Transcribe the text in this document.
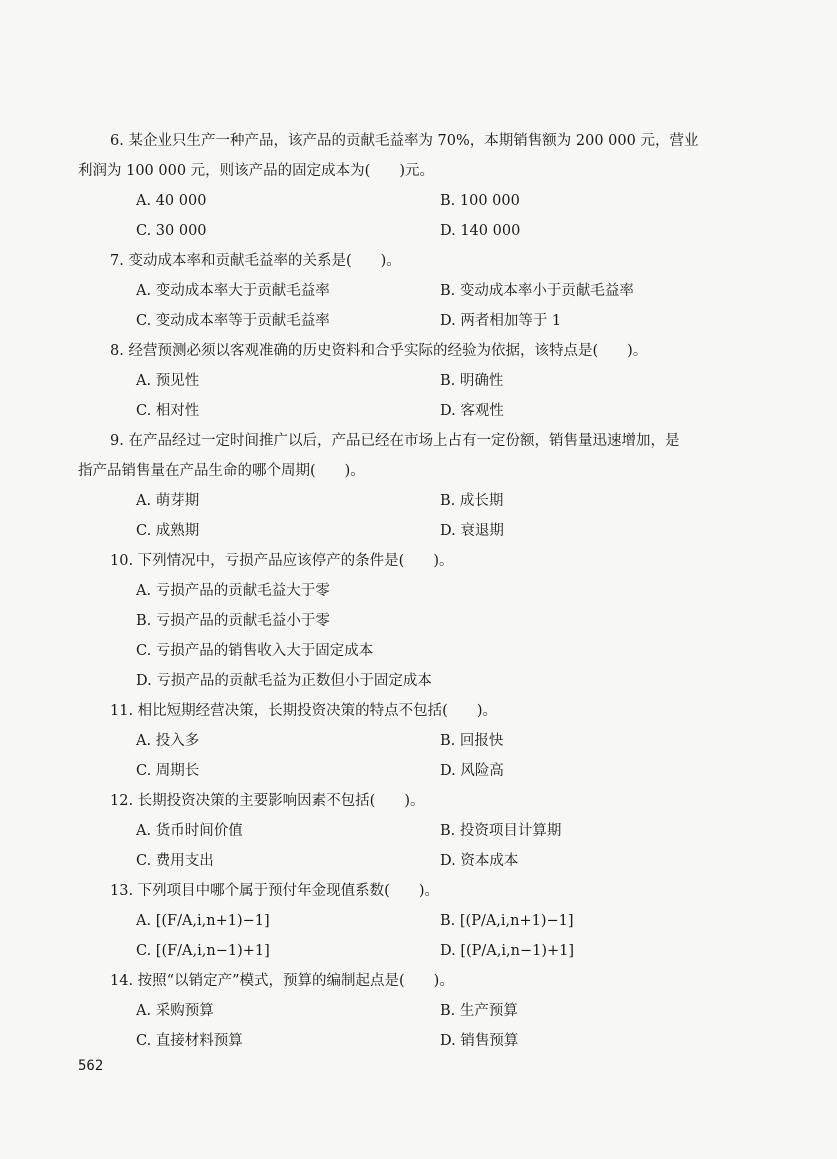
6. 某企业只生产一种产品，该产品的贡献毛益率为 70%，本期销售额为 200 000 元，营业
利润为 100 000 元，则该产品的固定成本为(　　)元。
A. 40 000	B. 100 000
C. 30 000	D. 140 000
7. 变动成本率和贡献毛益率的关系是(　　)。
A. 变动成本率大于贡献毛益率	B. 变动成本率小于贡献毛益率
C. 变动成本率等于贡献毛益率	D. 两者相加等于 1
8. 经营预测必须以客观准确的历史资料和合乎实际的经验为依据，该特点是(　　)。
A. 预见性	B. 明确性
C. 相对性	D. 客观性
9. 在产品经过一定时间推广以后，产品已经在市场上占有一定份额，销售量迅速增加，是
指产品销售量在产品生命的哪个周期(　　)。
A. 萌芽期	B. 成长期
C. 成熟期	D. 衰退期
10. 下列情况中，亏损产品应该停产的条件是(　　)。
A. 亏损产品的贡献毛益大于零
B. 亏损产品的贡献毛益小于零
C. 亏损产品的销售收入大于固定成本
D. 亏损产品的贡献毛益为正数但小于固定成本
11. 相比短期经营决策，长期投资决策的特点不包括(　　)。
A. 投入多	B. 回报快
C. 周期长	D. 风险高
12. 长期投资决策的主要影响因素不包括(　　)。
A. 货币时间价值	B. 投资项目计算期
C. 费用支出	D. 资本成本
13. 下列项目中哪个属于预付年金现值系数(　　)。
A. [(F/A,i,n+1)−1]	B. [(P/A,i,n+1)−1]
C. [(F/A,i,n−1)+1]	D. [(P/A,i,n−1)+1]
14. 按照“以销定产”模式，预算的编制起点是(　　)。
A. 采购预算	B. 生产预算
C. 直接材料预算	D. 销售预算
562
